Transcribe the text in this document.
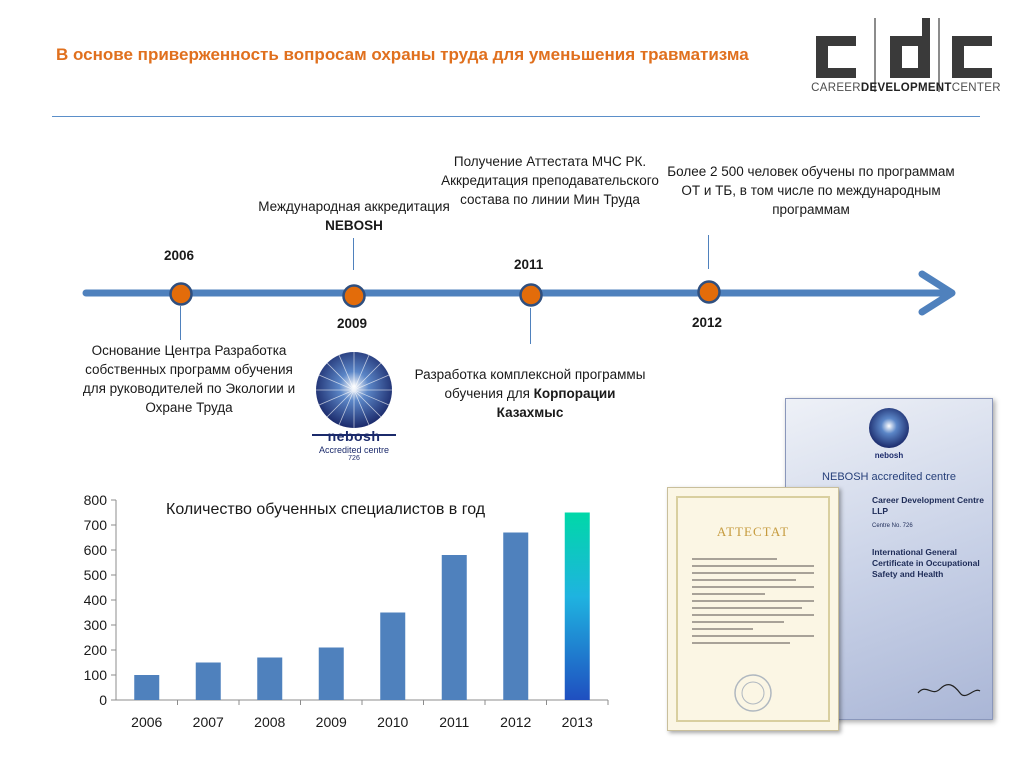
В основе приверженность вопросам охраны труда для уменьшения травматизма
CAREERDEVELOPMENTCENTER
2006
2009
2011
2012
Основание Центра Разработка собственных программ обучения для руководителей по Экологии и Охране Труда
Международная аккредитация NEBOSH
Получение Аттестата МЧС РК. Аккредитация преподавательского состава по линии Мин Труда
Разработка комплексной программы обучения для Корпорации Казахмыс
Более 2 500 человек обучены по программам ОТ и ТБ, в том числе по международным программам
nebosh
Accredited centre
726
0
100
200
300
400
500
600
700
800
2006 2007 2008 2009 2010 2011 2012 2013
Количество обученных специалистов в год
nebosh
NEBOSH accredited centre
Career Development Centre LLP
Centre No. 726
International General Certificate in Occupational Safety and Health
АТТЕСТАТ
